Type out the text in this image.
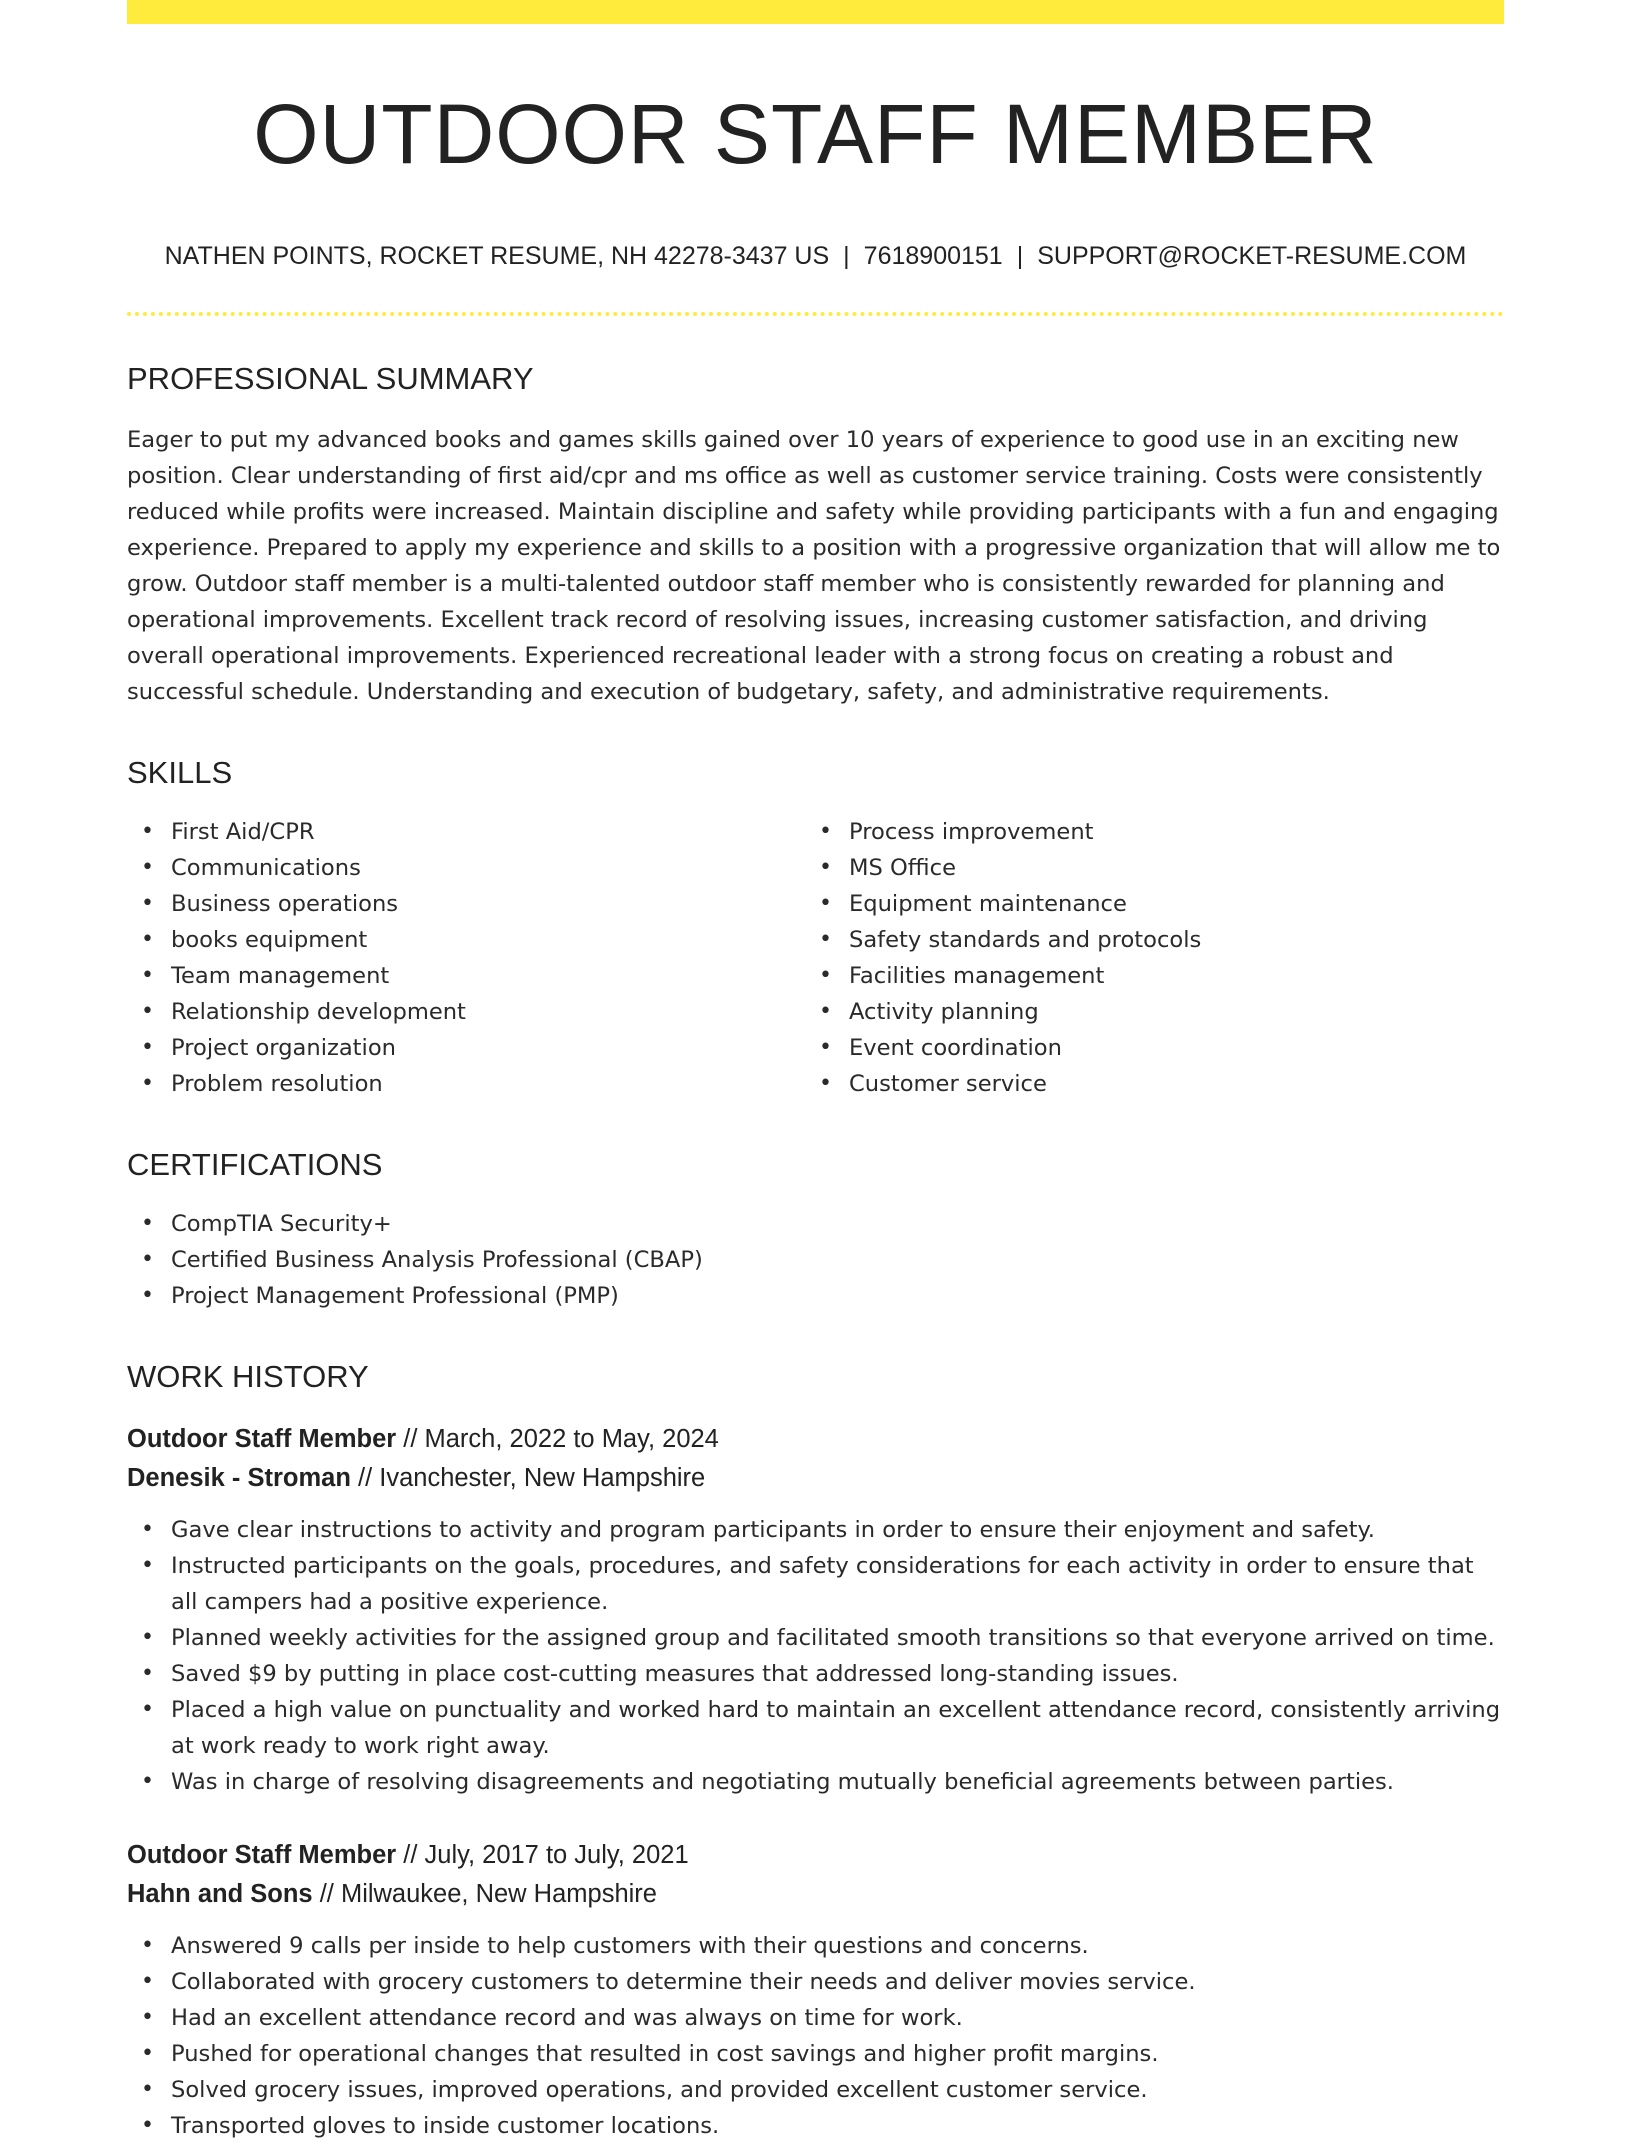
OUTDOOR STAFF MEMBER
NATHEN POINTS, ROCKET RESUME, NH 42278-3437 US | 7618900151 | SUPPORT@ROCKET-RESUME.COM
PROFESSIONAL SUMMARY

Eager to put my advanced books and games skills gained over 10 years of experience to good use in an exciting new position. Clear understanding of first aid/cpr and ms office as well as customer service training. Costs were consistently reduced while profits were increased. Maintain discipline and safety while providing participants with a fun and engaging experience. Prepared to apply my experience and skills to a position with a progressive organization that will allow me to grow. Outdoor staff member is a multi-talented outdoor staff member who is consistently rewarded for planning and operational improvements. Excellent track record of resolving issues, increasing customer satisfaction, and driving overall operational improvements. Experienced recreational leader with a strong focus on creating a robust and successful schedule. Understanding and execution of budgetary, safety, and administrative requirements.

SKILLS
• First Aid/CPR
• Communications
• Business operations
• books equipment
• Team management
• Relationship development
• Project organization
• Problem resolution
• Process improvement
• MS Office
• Equipment maintenance
• Safety standards and protocols
• Facilities management
• Activity planning
• Event coordination
• Customer service
CERTIFICATIONS
• CompTIA Security+
• Certified Business Analysis Professional (CBAP)
• Project Management Professional (PMP)
WORK HISTORY
Outdoor Staff Member // March, 2022 to May, 2024
Denesik - Stroman // Ivanchester, New Hampshire
• Gave clear instructions to activity and program participants in order to ensure their enjoyment and safety.
• Instructed participants on the goals, procedures, and safety considerations for each activity in order to ensure that all campers had a positive experience.
• Planned weekly activities for the assigned group and facilitated smooth transitions so that everyone arrived on time.
• Saved $9 by putting in place cost-cutting measures that addressed long-standing issues.
• Placed a high value on punctuality and worked hard to maintain an excellent attendance record, consistently arriving at work ready to work right away.
• Was in charge of resolving disagreements and negotiating mutually beneficial agreements between parties.
Outdoor Staff Member // July, 2017 to July, 2021
Hahn and Sons // Milwaukee, New Hampshire
• Answered 9 calls per inside to help customers with their questions and concerns.
• Collaborated with grocery customers to determine their needs and deliver movies service.
• Had an excellent attendance record and was always on time for work.
• Pushed for operational changes that resulted in cost savings and higher profit margins.
• Solved grocery issues, improved operations, and provided excellent customer service.
• Transported gloves to inside customer locations.
